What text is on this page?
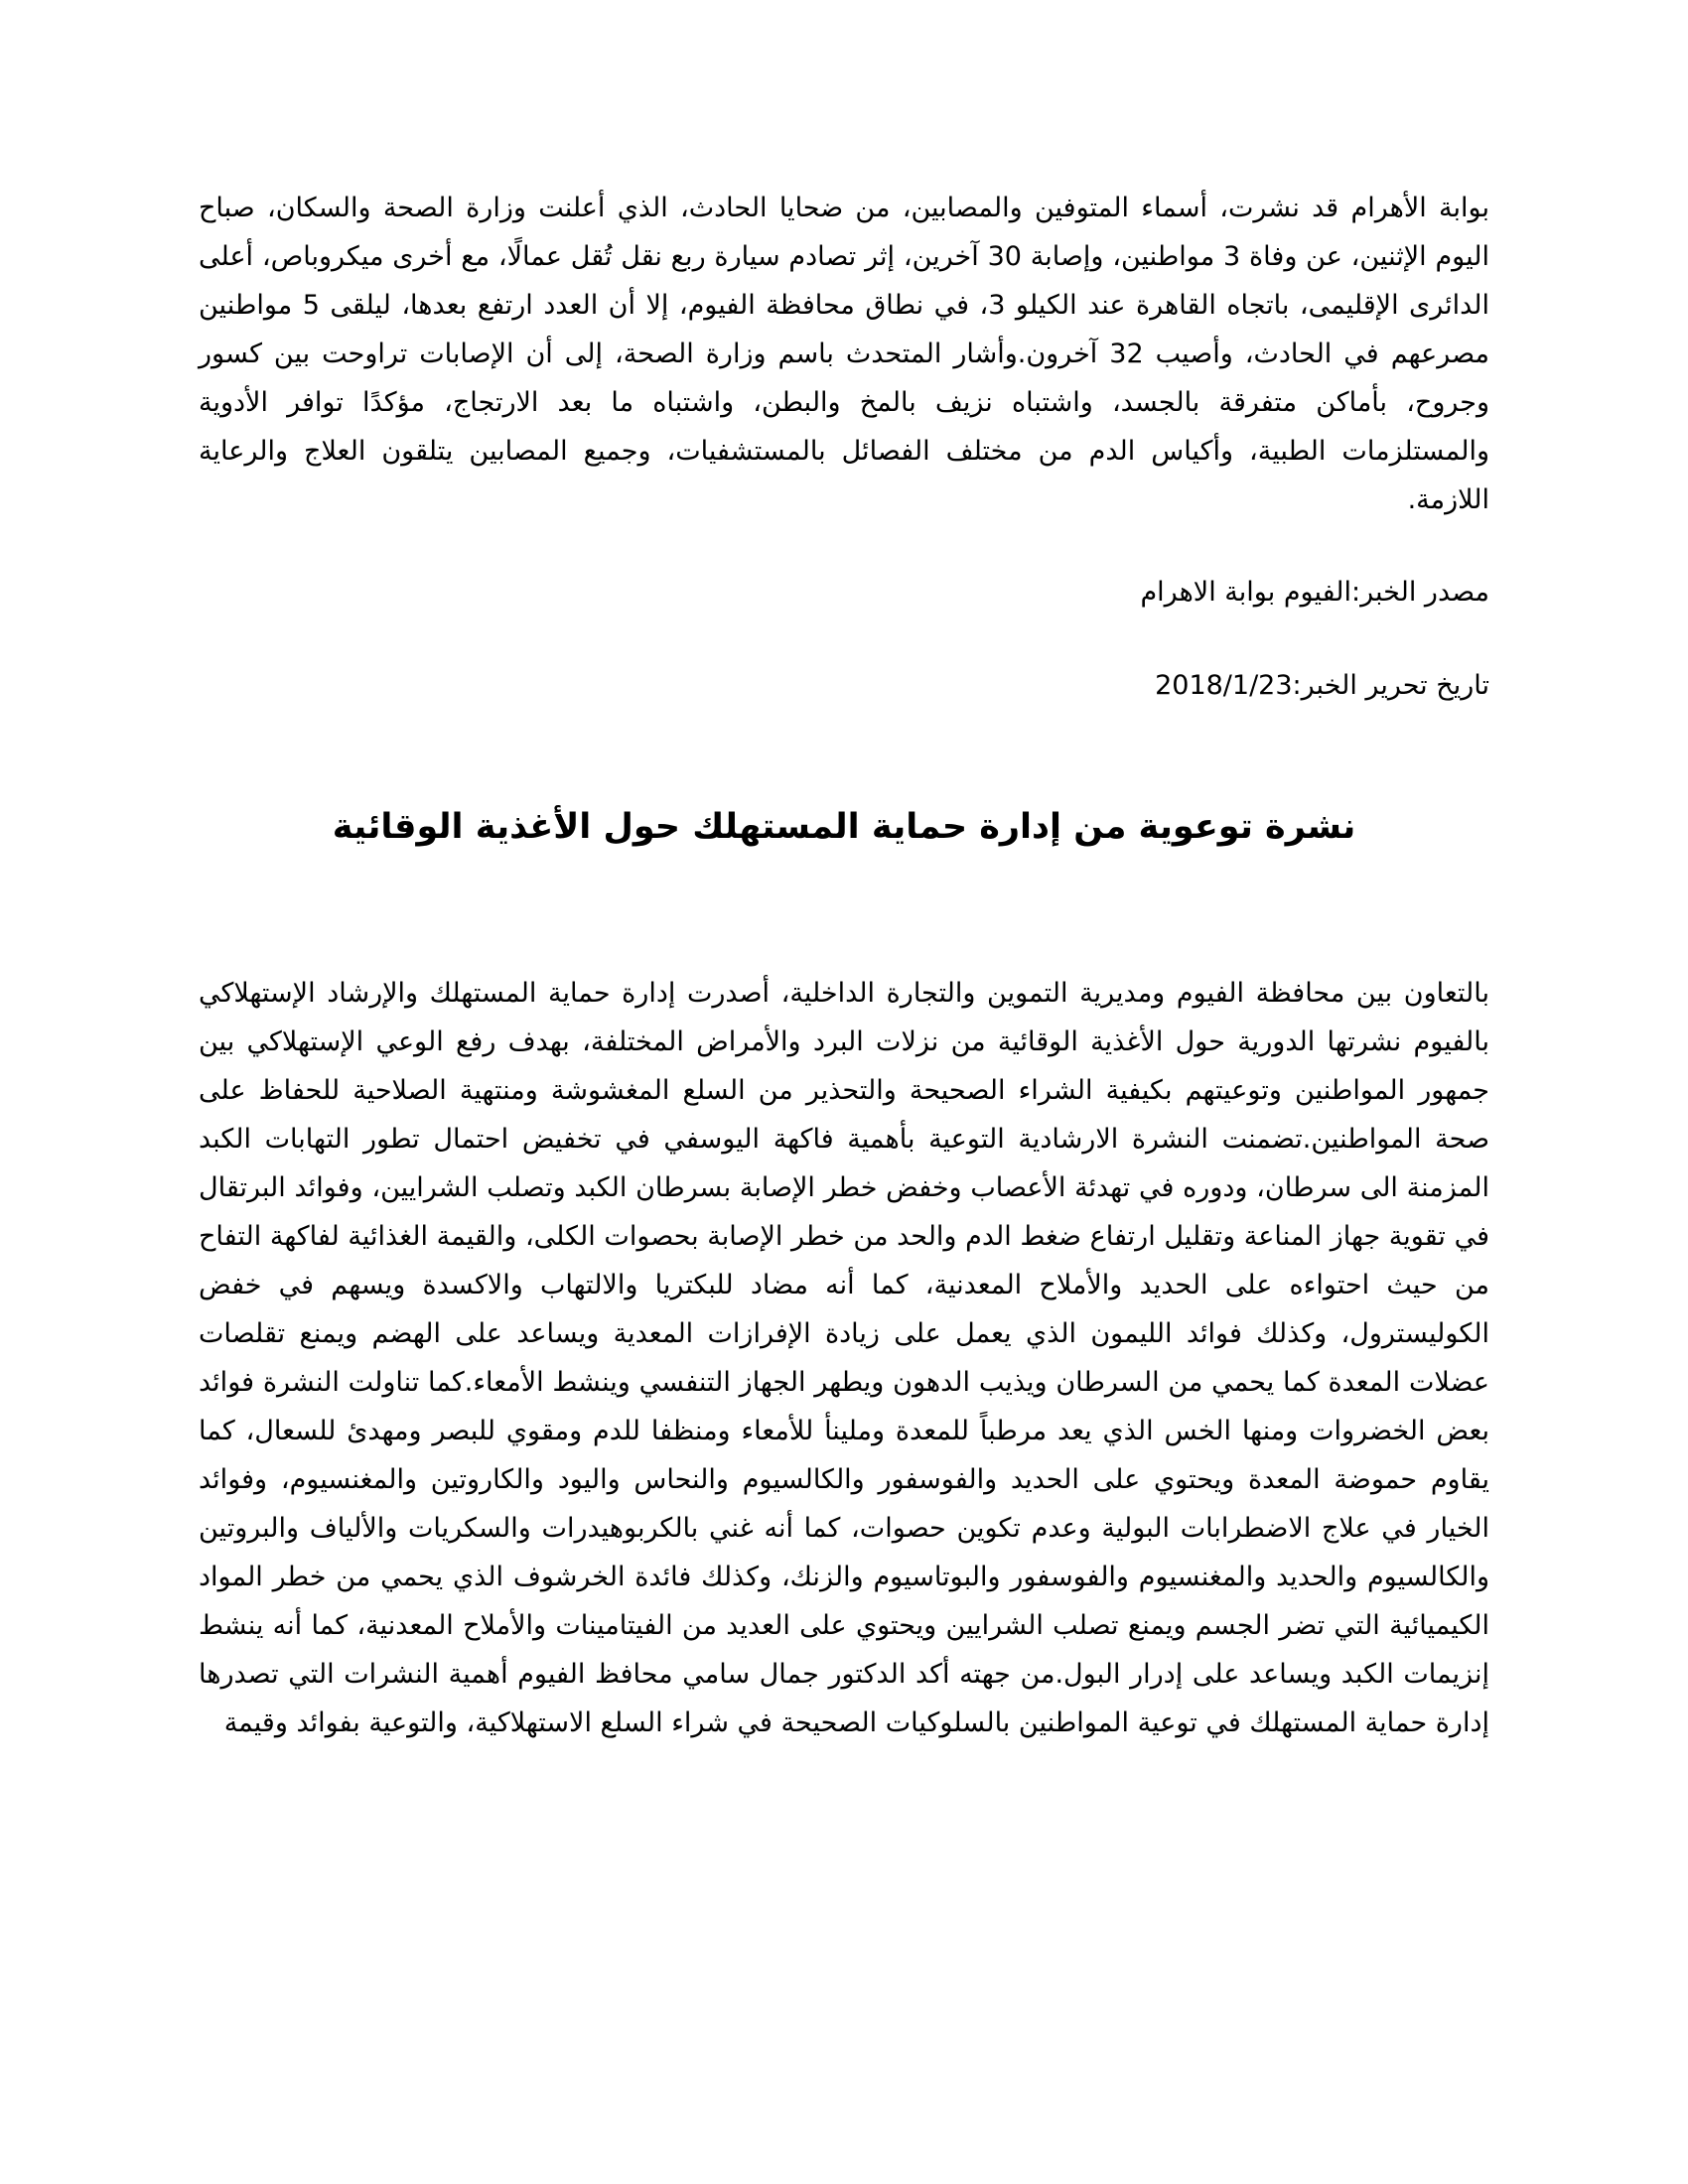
بوابة الأهرام قد نشرت، أسماء المتوفين والمصابين، من ضحايا الحادث، الذي أعلنت وزارة الصحة والسكان، صباح اليوم الإثنين، عن وفاة 3 مواطنين، وإصابة 30 آخرين، إثر تصادم سيارة ربع نقل تُقل عمالًا، مع أخرى ميكروباص، أعلى الدائرى الإقليمى، باتجاه القاهرة عند الكيلو 3، في نطاق محافظة الفيوم، إلا أن العدد ارتفع بعدها، ليلقى 5 مواطنين مصرعهم في الحادث، وأصيب 32 آخرون.وأشار المتحدث باسم وزارة الصحة، إلى أن الإصابات تراوحت بين كسور وجروح، بأماكن متفرقة بالجسد، واشتباه نزيف بالمخ والبطن، واشتباه ما بعد الارتجاج، مؤكدًا توافر الأدوية والمستلزمات الطبية، وأكياس الدم من مختلف الفصائل بالمستشفيات، وجميع المصابين يتلقون العلاج والرعاية اللازمة.

مصدر الخبر:الفيوم بوابة الاهرام

تاريخ تحرير الخبر:2018/1/23

نشرة توعوية من إدارة حماية المستهلك حول الأغذية الوقائية

بالتعاون بين محافظة الفيوم ومديرية التموين والتجارة الداخلية، أصدرت إدارة حماية المستهلك والإرشاد الإستهلاكي بالفيوم نشرتها الدورية حول الأغذية الوقائية من نزلات البرد والأمراض المختلفة، بهدف رفع الوعي الإستهلاكي بين جمهور المواطنين وتوعيتهم بكيفية الشراء الصحيحة والتحذير من السلع المغشوشة ومنتهية الصلاحية للحفاظ على صحة المواطنين.تضمنت النشرة الارشادية التوعية بأهمية فاكهة اليوسفي في تخفيض احتمال تطور التهابات الكبد المزمنة الى سرطان، ودوره في تهدئة الأعصاب وخفض خطر الإصابة بسرطان الكبد وتصلب الشرايين، وفوائد البرتقال في تقوية جهاز المناعة وتقليل ارتفاع ضغط الدم والحد من خطر الإصابة بحصوات الكلى، والقيمة الغذائية لفاكهة التفاح من حيث احتواءه على الحديد والأملاح المعدنية، كما أنه مضاد للبكتريا والالتهاب والاكسدة ويسهم في خفض الكوليسترول، وكذلك فوائد الليمون الذي يعمل على زيادة الإفرازات المعدية ويساعد على الهضم ويمنع تقلصات عضلات المعدة كما يحمي من السرطان ويذيب الدهون ويطهر الجهاز التنفسي وينشط الأمعاء.كما تناولت النشرة فوائد بعض الخضروات ومنها الخس الذي يعد مرطباً للمعدة وملينأ للأمعاء ومنظفا للدم ومقوي للبصر ومهدئ للسعال، كما يقاوم حموضة المعدة ويحتوي على الحديد والفوسفور والكالسيوم والنحاس واليود والكاروتين والمغنسيوم، وفوائد الخيار في علاج الاضطرابات البولية وعدم تكوين حصوات، كما أنه غني بالكربوهيدرات والسكريات والألياف والبروتين والكالسيوم والحديد والمغنسيوم والفوسفور والبوتاسيوم والزنك، وكذلك فائدة الخرشوف الذي يحمي من خطر المواد الكيميائية التي تضر الجسم ويمنع تصلب الشرايين ويحتوي على العديد من الفيتامينات والأملاح المعدنية، كما أنه ينشط إنزيمات الكبد ويساعد على إدرار البول.من جهته أكد الدكتور جمال سامي محافظ الفيوم أهمية النشرات التي تصدرها إدارة حماية المستهلك في توعية المواطنين بالسلوكيات الصحيحة في شراء السلع الاستهلاكية، والتوعية بفوائد وقيمة
